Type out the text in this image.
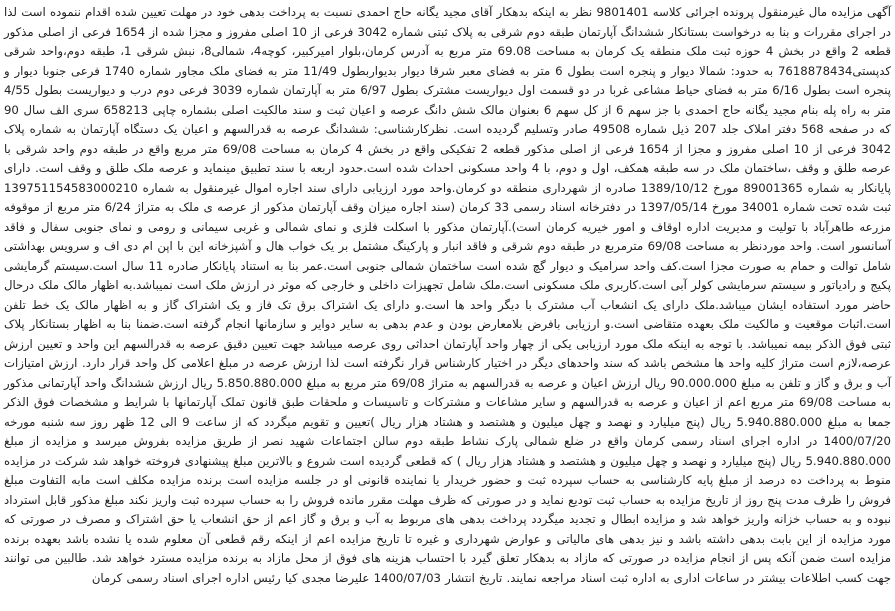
آگهی مزایده مال غیرمنقول پرونده اجرائی کلاسه 9801401 نظر به اینکه بدهکار آقای مجید یگانه حاج احمدی نسبت به پرداخت بدهی خود در مهلت تعیین شده اقدام ننموده است لذا در اجرای مقررات و بنا به درخواست بستانکار ششدانگ آپارتمان طبقه دوم شرقی به پلاک ثبتی شماره 3042 فرعی از 10 اصلی مفروز و مجزا شده از 1654 فرعی از اصلی مذکور قطعه 2 واقع در بخش 4 حوزه ثبت ملک منطقه یک کرمان به مساحت 69.08 متر مربع به آدرس کرمان،بلوار امیرکبیر، کوچه4، شمالی8، نبش شرقی 1، طبقه دوم،واحد شرقی کدپستی7618878434 به حدود: شمالا دیوار و پنجره است بطول 6 متر به فضای معبر شرقا دیوار بدیواربطول 11/49 متر به فضای ملک مجاور شماره 1740 فرعی جنوبا دیوار و پنجره است بطول 6/16 متر به فضای حیاط مشاعی غربا در دو قسمت اول دیواریست مشترک بطول 6/97 متر به آپارتمان شماره 3039 فرعی دوم درب و دیواریست بطول 4/55 متر به راه پله بنام مجید یگانه حاج احمدی با جز سهم 6 از کل سهم 6 بعنوان مالک شش دانگ عرصه و اعیان ثبت و سند مالکیت اصلی بشماره چاپی 658213 سری الف سال 90 که در صفحه 568 دفتر املاک جلد 207 ذیل شماره 49508 صادر وتسلیم گردیده است. نظرکارشناسی: ششدانگ عرصه به قدرالسهم و اعیان یک دستگاه آپارتمان به شماره پلاک 3042 فرعی از 10 اصلی مفروز و مجزا از 1654 فرعی از اصلی مذکور قطعه 2 تفکیکی واقع در بخش 4 کرمان به مساحت 69/08 متر مربع واقع در طبقه دوم واحد شرقی با عرصه طلق و وقف ،ساختمان ملک در سه طبقه همکف، اول و دوم، با 4 واحد مسکونی احداث شده است.حدود اربعه با سند تطبیق مینماید و عرصه ملک طلق و وقف است. دارای پایانکار به شماره 89001365 مورخ 1389/10/12 صادره از شهرداری منطقه دو کرمان.واحد مورد ارزیابی دارای سند اجاره اموال غیرمنقول به شماره 139751154583000210 ثبت شده تحت شماره 34001 مورخ 1397/05/14 در دفترخانه اسناد رسمی 33 کرمان (سند اجاره میزان وقف آپارتمان مذکور از عرصه ی ملک به متراژ 6/24 متر مربع از موقوفه مزرعه طاهرآباد با تولیت و مدیریت اداره اوقاف و امور خیریه کرمان است).آپارتمان مذکور با اسکلت فلزی و نمای شمالی و غربی سیمانی و رومی و نمای جنوبی سفال و فاقد آسانسور است. واحد موردنظر به مساحت 69/08 مترمربع در طبقه دوم شرقی و فاقد انبار و پارکینگ مشتمل بر یک خواب هال و آشپزخانه این با اپن ام دی اف و سرویس بهداشتی شامل توالت و حمام به صورت مجزا است.کف واحد سرامیک و دیوار گچ شده است ساختمان شمالی جنوبی است.عمر بنا به استناد پایانکار صادره 11 سال است.سیستم گرمایشی پکیج و رادیاتور و سیستم سرمایشی کولر آبی است.کاربری ملک مسکونی است.ملک شامل تجهیزات داخلی و خارجی که موثر در ارزش ملک است نمیباشد.به اظهار مالک ملک درحال حاضر مورد استفاده ایشان میباشد.ملک دارای یک انشعاب آب مشترک با دیگر واحد ها است.و دارای یک اشتراک برق تک فاز و یک اشتراک گاز و به اظهار مالک یک خط تلفن است.اثبات موقعیت و مالکیت ملک بعهده متقاضی است.و ارزیابی بافرض بلامعارض بودن و عدم بدهی به سایر دوایر و سازمانها انجام گرفته است.ضمنا بنا به اظهار بستانکار پلاک ثبتی فوق الذکر بیمه نمیباشد. با توجه به اینکه ملک مورد ارزیابی یکی از چهار واحد آپارتمان احداثی روی عرصه میباشد جهت تعیین دقیق عرصه به قدرالسهم این واحد و تعیین ارزش عرصه،لازم است متراژ کلیه واحد ها مشخص باشد که سند واحدهای دیگر در اختیار کارشناس قرار نگرفته است لذا ارزش عرصه در مبلغ اعلامی کل واحد قرار دارد. ارزش امتیازات آب و برق و گاز و تلفن به مبلغ 90.000.000 ریال ارزش اعیان و عرصه به قدرالسهم به متراژ 69/08 متر مربع به مبلغ 5.850.880.000 ریال ارزش ششدانگ واحد آپارتمانی مذکور به مساحت 69/08 متر مربع اعم از اعیان و عرصه به قدرالسهم و سایر مشاعات و مشترکات و تاسیسات و ملحقات طبق قانون تملک آپارتمانها با شرایط و مشخصات فوق الذکر جمعا به مبلغ 5.940.880.000 ریال (پنج میلیارد و نهصد و چهل میلیون و هشتصد و هشتاد هزار ریال )تعیین و تقویم میگردد که از ساعت 9 الی 12 ظهر روز سه شنبه مورخه 1400/07/20 در اداره اجرای اسناد رسمی کرمان واقع در ضلع شمالی پارک نشاط طبقه دوم سالن اجتماعات شهید نصر از طریق مزایده بفروش میرسد و مزایده از مبلغ 5.940.880.000 ریال (پنج میلیارد و نهصد و چهل میلیون و هشتصد و هشتاد هزار ریال ) که قطعی گردیده است شروع و بالاترین مبلغ پیشنهادی فروخته خواهد شد شرکت در مزایده منوط به پرداخت ده درصد از مبلغ پایه کارشناسی به حساب سپرده ثبت و حضور خریدار یا نماینده قانونی او در جلسه مزایده است برنده مزایده مکلف است مابه التفاوت مبلغ فروش را ظرف مدت پنج روز از تاریخ مزایده به حساب ثبت تودیع نماید و در صورتی که ظرف مهلت مقرر مانده فروش را به حساب سپرده ثبت واریز نکند مبلغ مذکور قابل استرداد نبوده و به حساب خزانه واریز خواهد شد و مزایده ابطال و تجدید میگردد پرداخت بدهی های مربوط به آب و برق و گاز اعم از حق انشعاب یا حق اشتراک و مصرف در صورتی که مورد مزایده از این بابت بدهی داشته باشد و نیز بدهی های مالیاتی و عوارض شهرداری و غیره تا تاریخ مزایده اعم از اینکه رقم قطعی آن معلوم شده یا نشده باشد بعهده برنده مزایده است ضمن آنکه پس از انجام مزایده در صورتی که مازاد به بدهکار تعلق گیرد با احتساب هزینه های فوق از محل مازاد به برنده مزایده مسترد خواهد شد. طالبین می توانند جهت کسب اطلاعات بیشتر در ساعات اداری به اداره ثبت اسناد مراجعه نمایند. تاریخ انتشار 1400/07/03 علیرضا مجدی کیا رئیس اداره اجرای اسناد رسمی کرمان
